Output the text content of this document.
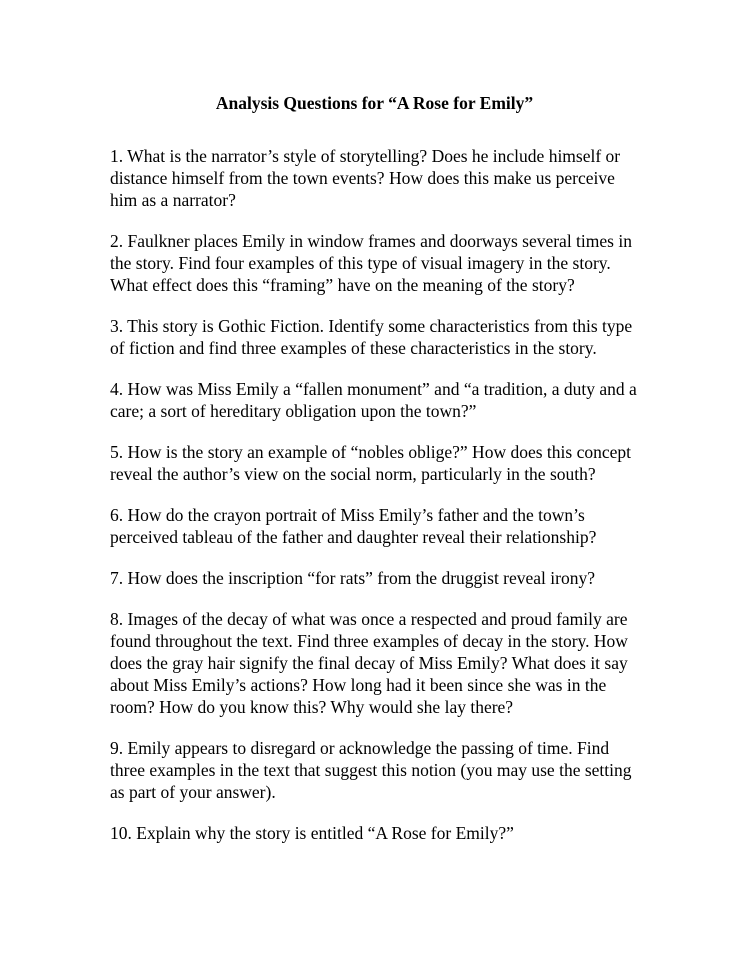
Analysis Questions for “A Rose for Emily”
1. What is the narrator’s style of storytelling? Does he include himself or
distance himself from the town events? How does this make us perceive
him as a narrator?
2. Faulkner places Emily in window frames and doorways several times in
the story. Find four examples of this type of visual imagery in the story.
What effect does this “framing” have on the meaning of the story?
3. This story is Gothic Fiction. Identify some characteristics from this type
of fiction and find three examples of these characteristics in the story.
4. How was Miss Emily a “fallen monument” and “a tradition, a duty and a
care; a sort of hereditary obligation upon the town?”
5. How is the story an example of “nobles oblige?” How does this concept
reveal the author’s view on the social norm, particularly in the south?
6. How do the crayon portrait of Miss Emily’s father and the town’s
perceived tableau of the father and daughter reveal their relationship?
7. How does the inscription “for rats” from the druggist reveal irony?
8. Images of the decay of what was once a respected and proud family are
found throughout the text. Find three examples of decay in the story. How
does the gray hair signify the final decay of Miss Emily? What does it say
about Miss Emily’s actions? How long had it been since she was in the
room? How do you know this? Why would she lay there?
9. Emily appears to disregard or acknowledge the passing of time. Find
three examples in the text that suggest this notion (you may use the setting
as part of your answer).
10. Explain why the story is entitled “A Rose for Emily?”
